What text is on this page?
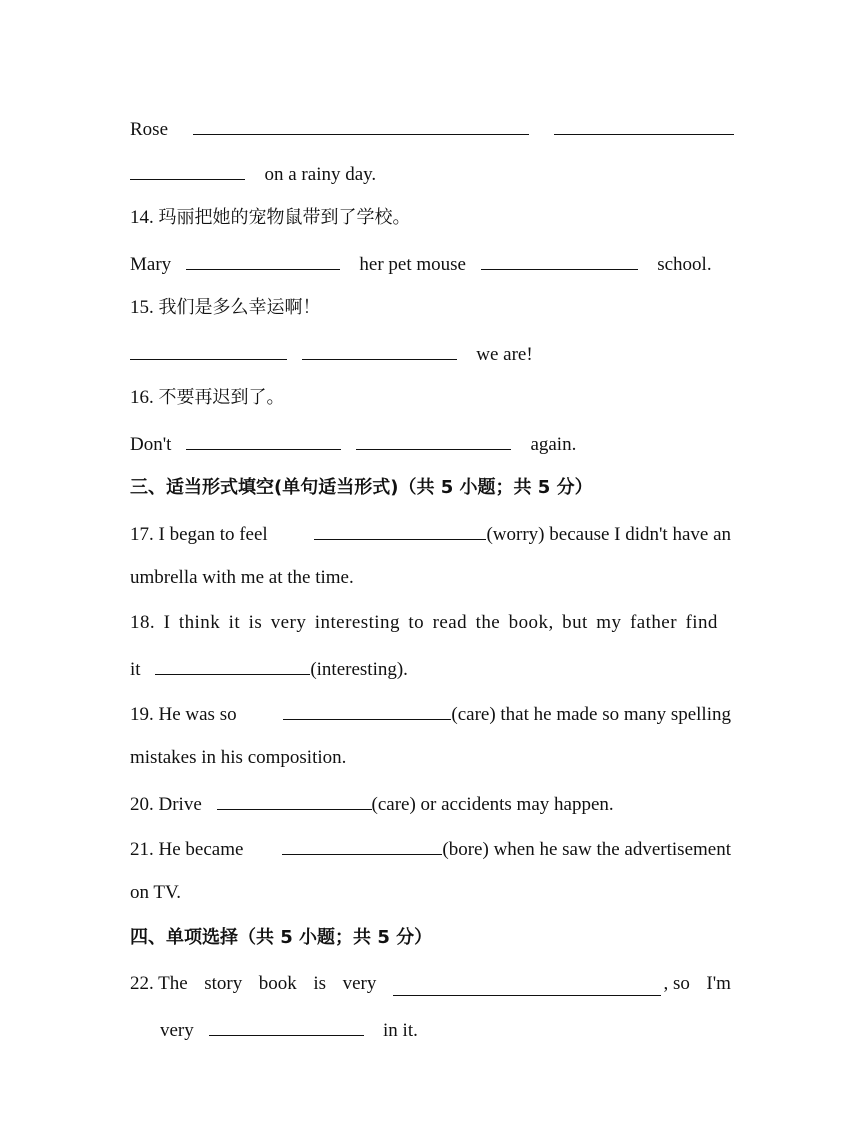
Rose
on a rainy day.
14. 玛丽把她的宠物鼠带到了学校。
Mary	her pet mouse	school.
15. 我们是多么幸运啊！
we are!
16. 不要再迟到了。
Don't	again.
三、适当形式填空(单句适当形式)（共 5 小题；共 5 分）
17. I began to feel	(worry) because I didn't have an
umbrella with me at the time.
18. I think it is very interesting to read the book, but my father find
it	(interesting).
19. He was so	(care) that he made so many spelling
mistakes in his composition.
20. Drive	(care) or accidents may happen.
21. He became	(bore) when he saw the advertisement
on TV.
四、单项选择（共 5 小题；共 5 分）
22. The story book is very	, so I'm
very	in it.
